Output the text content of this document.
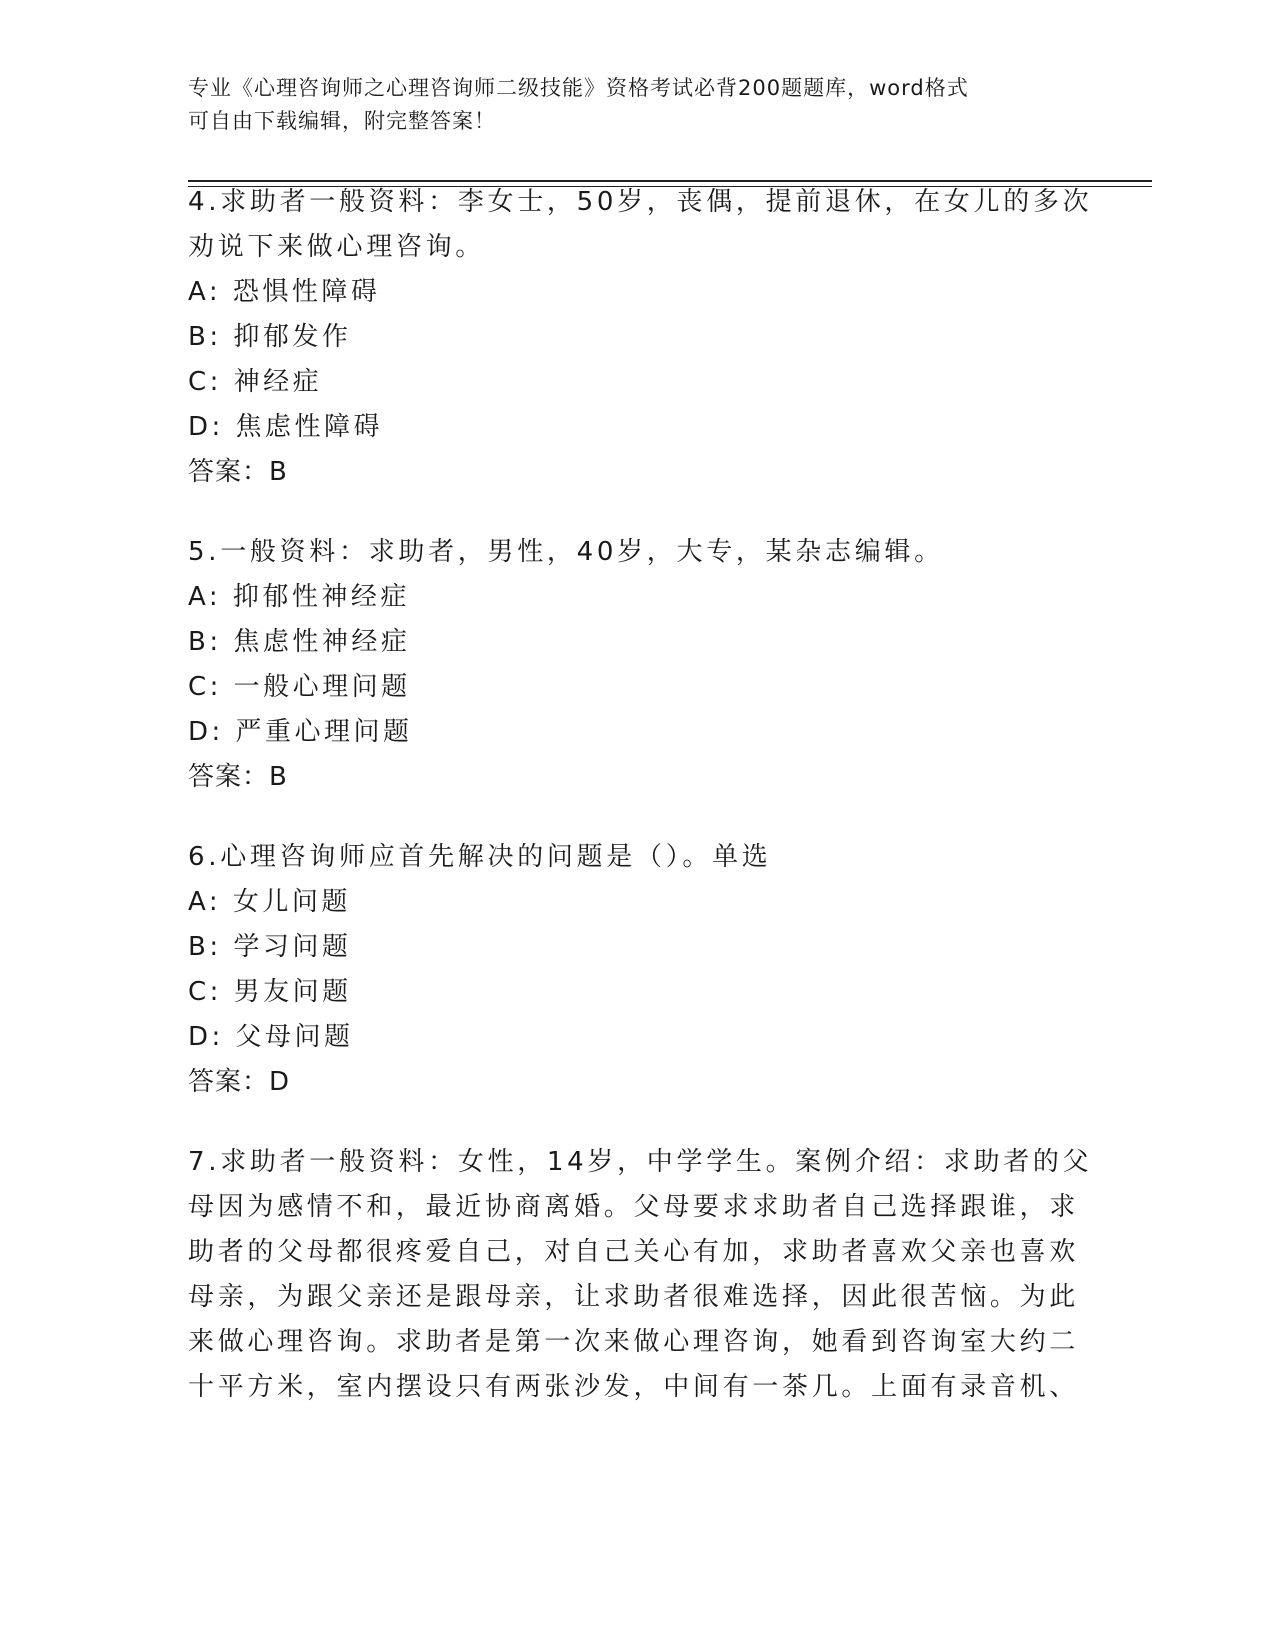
专业《心理咨询师之心理咨询师二级技能》资格考试必背200题题库，word格式
可自由下载编辑，附完整答案！
4.求助者一般资料：李女士，50岁，丧偶，提前退休，在女儿的多次
劝说下来做心理咨询。
A: 恐惧性障碍
B: 抑郁发作
C: 神经症
D: 焦虑性障碍
答案：B
5.一般资料：求助者，男性，40岁，大专，某杂志编辑。
A: 抑郁性神经症
B: 焦虑性神经症
C: 一般心理问题
D: 严重心理问题
答案：B
6.心理咨询师应首先解决的问题是（）。单选
A: 女儿问题
B: 学习问题
C: 男友问题
D: 父母问题
答案：D
7.求助者一般资料：女性，14岁，中学学生。案例介绍：求助者的父
母因为感情不和，最近协商离婚。父母要求求助者自己选择跟谁，求
助者的父母都很疼爱自己，对自己关心有加，求助者喜欢父亲也喜欢
母亲，为跟父亲还是跟母亲，让求助者很难选择，因此很苦恼。为此
来做心理咨询。求助者是第一次来做心理咨询，她看到咨询室大约二
十平方米，室内摆设只有两张沙发，中间有一茶几。上面有录音机、
